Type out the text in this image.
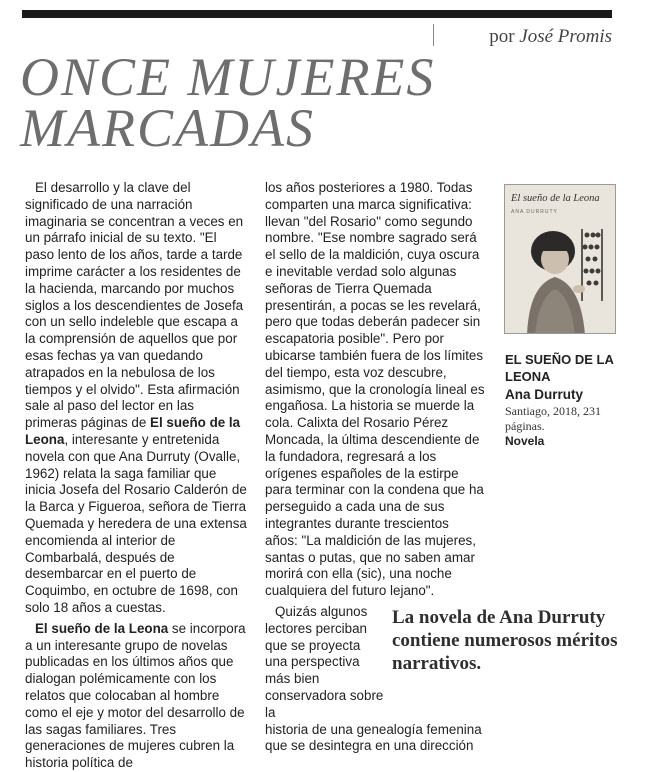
por José Promis
ONCE MUJERES
MARCADAS

El desarrollo y la clave del significado de una narración imaginaria se concentran a veces en un párrafo inicial de su texto. "El paso lento de los años, tarde a tarde imprime carácter a los residentes de la hacienda, marcando por muchos siglos a los descendientes de Josefa con un sello indeleble que escapa a la comprensión de aquellos que por esas fechas ya van quedando atrapados en la nebulosa de los tiempos y el olvido". Esta afirmación sale al paso del lector en las primeras páginas de El sueño de la Leona, interesante y entretenida novela con que Ana Durruty (Ovalle, 1962) relata la saga familiar que inicia Josefa del Rosario Calderón de la Barca y Figueroa, señora de Tierra Quemada y heredera de una extensa encomienda al interior de Combarbalá, después de desembarcar en el puerto de Coquimbo, en octubre de 1698, con solo 18 años a cuestas.

El sueño de la Leona se incorpora a un interesante grupo de novelas publicadas en los últimos años que dialogan polémicamente con los relatos que colocaban al hombre como el eje y motor del desarrollo de las sagas familiares. Tres generaciones de mujeres cubren la historia política de

los años posteriores a 1980. Todas comparten una marca significativa: llevan "del Rosario" como segundo nombre. "Ese nombre sagrado será el sello de la maldición, cuya oscura e inevitable verdad solo algunas señoras de Tierra Quemada presentirán, a pocas se les revelará, pero que todas deberán padecer sin escapatoria posible". Pero por ubicarse también fuera de los límites del tiempo, esta voz descubre, asimismo, que la cronología lineal es engañosa. La historia se muerde la cola. Calixta del Rosario Pérez Moncada, la última descendiente de la fundadora, regresará a los orígenes españoles de la estirpe para terminar con la condena que ha perseguido a cada una de sus integrantes durante trescientos años: "La maldición de las mujeres, santas o putas, que no saben amar morirá con ella (sic), una noche cualquiera del futuro lejano".

Quizás algunos lectores perciban que se proyecta una perspectiva más bien conservadora sobre la

historia de una genealogía femenina que se desintegra en una dirección

El sueño de la Leona
ANA DURRUTY
EL SUEÑO DE LA LEONA
Ana Durruty
Santiago, 2018, 231 páginas.
Novela

La novela de Ana Durruty contiene numerosos méritos narrativos.
